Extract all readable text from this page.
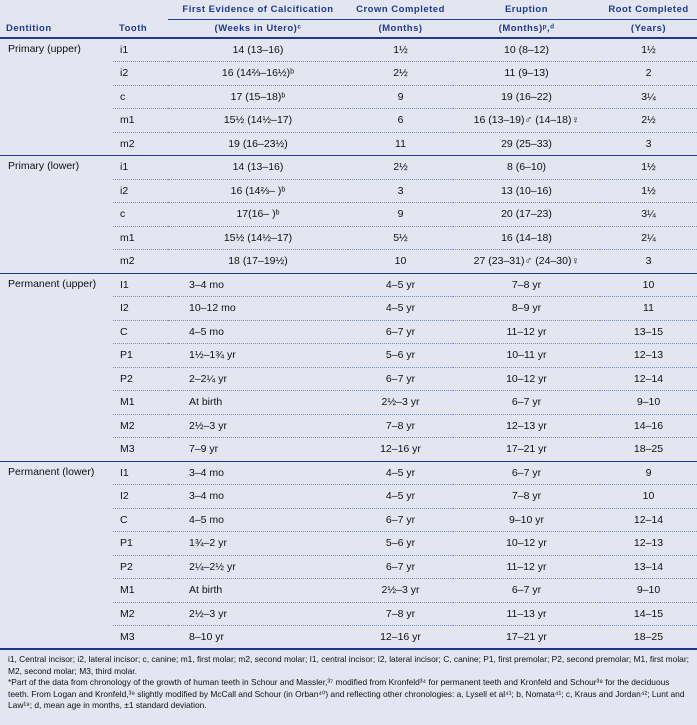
		First Evidence of Calcification	Crown Completed	Eruption	Root Completed
Dentition	Tooth	(Weeks in Utero)ᶜ	(Months)	(Months)ᵖ,ᵈ	(Years)
Primary (upper)	i1	14 (13–16)	1½	10 (8–12)	1½
	i2	16 (14⅔–16½)ᵇ	2½	11 (9–13)	2
	c	17 (15–18)ᵇ	9	19 (16–22)	3¼
	m1	15½ (14½–17)	6	16 (13–19)♂ (14–18)♀	2½
	m2	19 (16–23½)	11	29 (25–33)	3
Primary (lower)	i1	14 (13–16)	2½	8 (6–10)	1½
	i2	16 (14⅔– )ᵇ	3	13 (10–16)	1½
	c	17(16– )ᵇ	9	20 (17–23)	3¼
	m1	15½ (14½–17)	5½	16 (14–18)	2¼
	m2	18 (17–19½)	10	27 (23–31)♂ (24–30)♀	3
Permanent (upper)	I1	3–4 mo	4–5 yr	7–8 yr	10
	I2	10–12 mo	4–5 yr	8–9 yr	11
	C	4–5 mo	6–7 yr	11–12 yr	13–15
	P1	1½–1¾ yr	5–6 yr	10–11 yr	12–13
	P2	2–2¼ yr	6–7 yr	10–12 yr	12–14
	M1	At birth	2½–3 yr	6–7 yr	9–10
	M2	2½–3 yr	7–8 yr	12–13 yr	14–16
	M3	7–9 yr	12–16 yr	17–21 yr	18–25
Permanent (lower)	I1	3–4 mo	4–5 yr	6–7 yr	9
	I2	3–4 mo	4–5 yr	7–8 yr	10
	C	4–5 mo	6–7 yr	9–10 yr	12–14
	P1	1¾–2 yr	5–6 yr	10–12 yr	12–13
	P2	2¼–2½ yr	6–7 yr	11–12 yr	13–14
	M1	At birth	2½–3 yr	6–7 yr	9–10
	M2	2½–3 yr	7–8 yr	11–13 yr	14–15
	M3	8–10 yr	12–16 yr	17–21 yr	18–25

i1, Central incisor; i2, lateral incisor; c, canine; m1, first molar; m2, second molar; I1, central incisor; I2, lateral incisor; C, canine; P1, first premolar; P2, second premolar; M1, first molar; M2, second molar; M3, third molar.

*Part of the data from chronology of the growth of human teeth in Schour and Massler,³⁷ modified from Kronfeld³⁴ for permanent teeth and Kronfeld and Schour³⁸ for the deciduous teeth. From Logan and Kronfeld,³⁹ slightly modified by McCall and Schour (in Orban⁴⁰) and reflecting other chronologies: a, Lysell et al⁴¹; b, Nomata⁴¹; c, Kraus and Jordan⁴²; Lunt and Law¹⁹; d, mean age in months, ±1 standard deviation.
